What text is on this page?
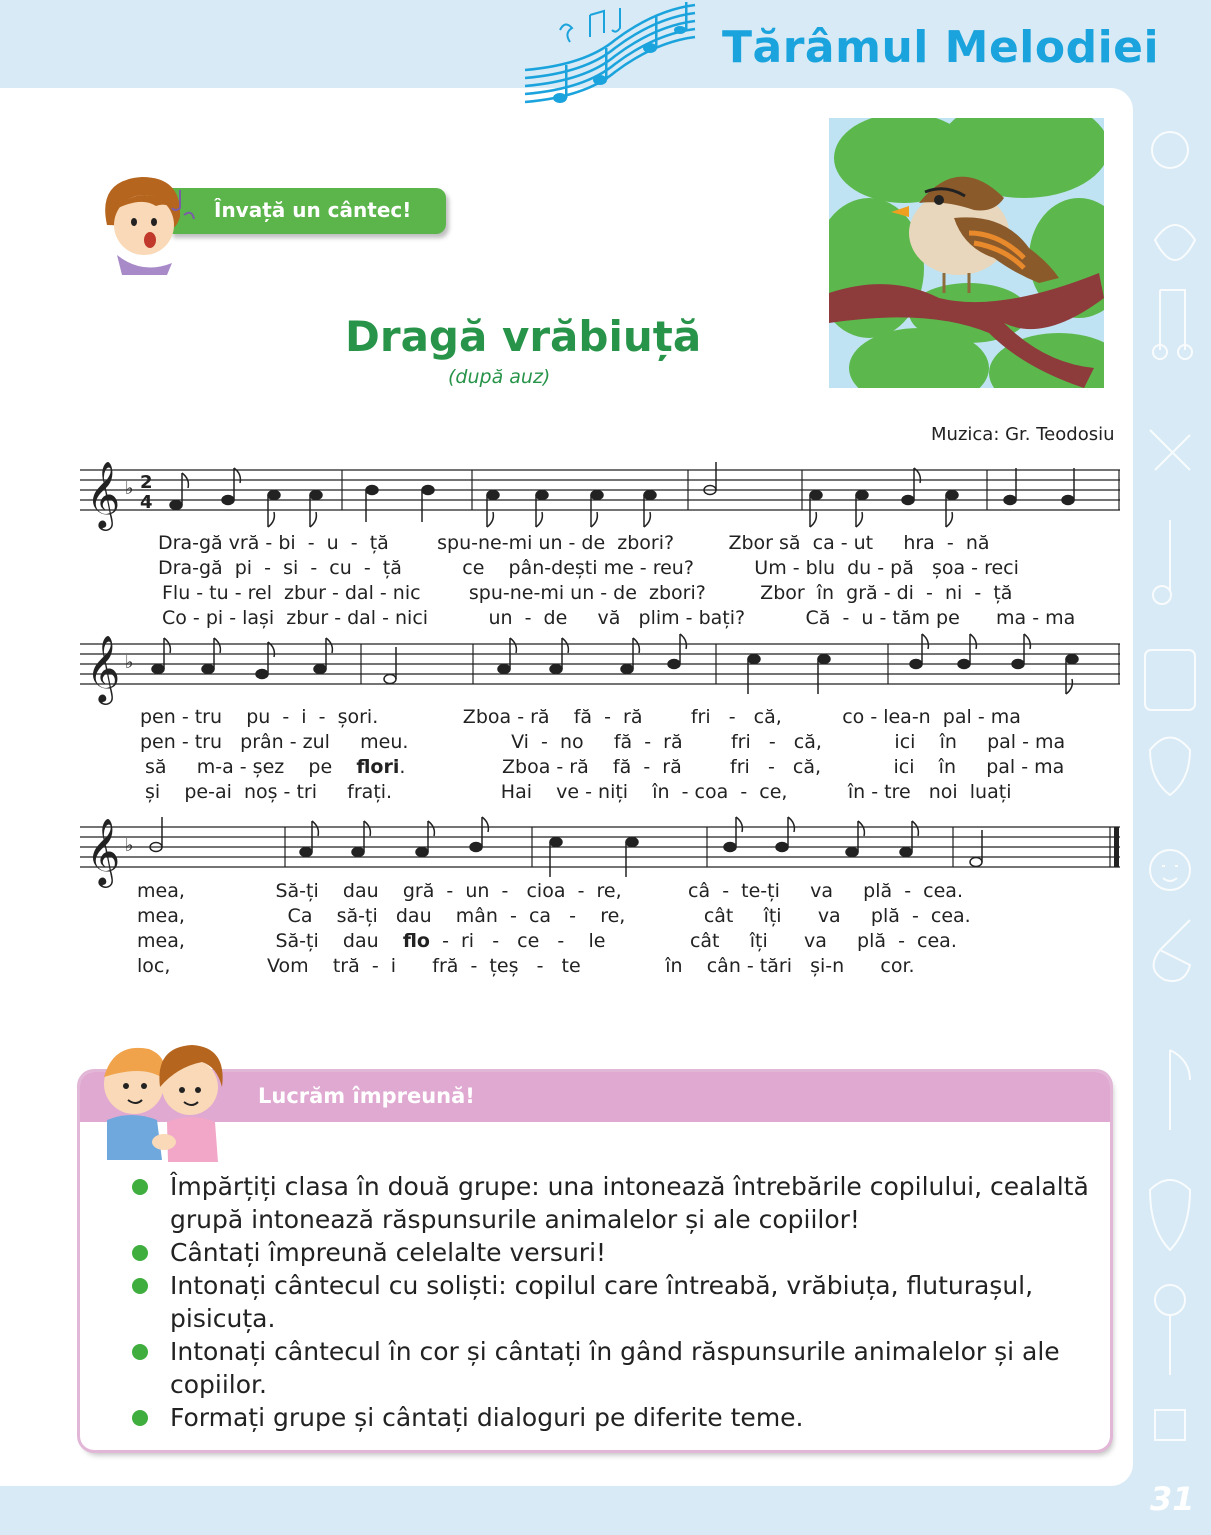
Tărâmul Melodiei
Învață un cântec!
Dragă vrăbiuță
(după auz)
Muzica: Gr. Teodosiu
𝄞 ♭ 2
4
Dra-gă vră - bi  -  u  -  ță        spu-ne-mi un - de  zbori?         Zbor să  ca - ut     hra  -  nă
Dra-gă  pi  -  si  -  cu  -  ță          ce    pân-dești me - reu?          Um - blu  du - pă   șoa - reci
Flu - tu - rel  zbur - dal - nic        spu-ne-mi un - de  zbori?         Zbor  în  gră - di  -  ni  -  ță
Co - pi - lași  zbur - dal - nici          un  -  de     vă   plim - bați?          Că  -  u - tăm pe      ma - ma
𝄞 ♭
pen - tru    pu  -  i  -  șori.              Zboa - ră    fă  -  ră        fri   -   că,          co - lea-n  pal - ma
pen - tru   prân - zul     meu.                 Vi  -  no     fă  -  ră        fri   -   că,            ici    în     pal - ma
să     m-a - șez    pe flori.                Zboa - ră    fă  -  ră        fri   -   că,            ici    în     pal - ma
și    pe-ai  noș - tri     frați.                  Hai    ve - niți    în  - coa  -  ce,          în - tre   noi  luați
𝄞 ♭
mea,               Să-ți    dau    gră  -  un  -   cioa  -  re,           câ  -  te-ți     va     plă  -  cea.
mea,                 Ca    să-ți   dau    mân  -  ca   -    re,             cât     îți      va     plă  -  cea.
mea,               Să-ți    dau flo  -  ri   -   ce   -    le              cât     îți      va     plă  -  cea.
loc,                Vom    tră  -  i      fră  -  țeș   -   te              în    cân - tări   și-n      cor.
Lucrăm împreună!
Împărțiți clasa în două grupe: una intonează întrebările copilului, cealaltă grupă intonează răspunsurile animalelor și ale copiilor!
Cântați împreună celelalte versuri!
Intonați cântecul cu soliști: copilul care întreabă, vrăbiuța, fluturașul, pisicuța.
Intonați cântecul în cor și cântați în gând răspunsurile animalelor și ale copiilor.
Formați grupe și cântați dialoguri pe diferite teme.
31
